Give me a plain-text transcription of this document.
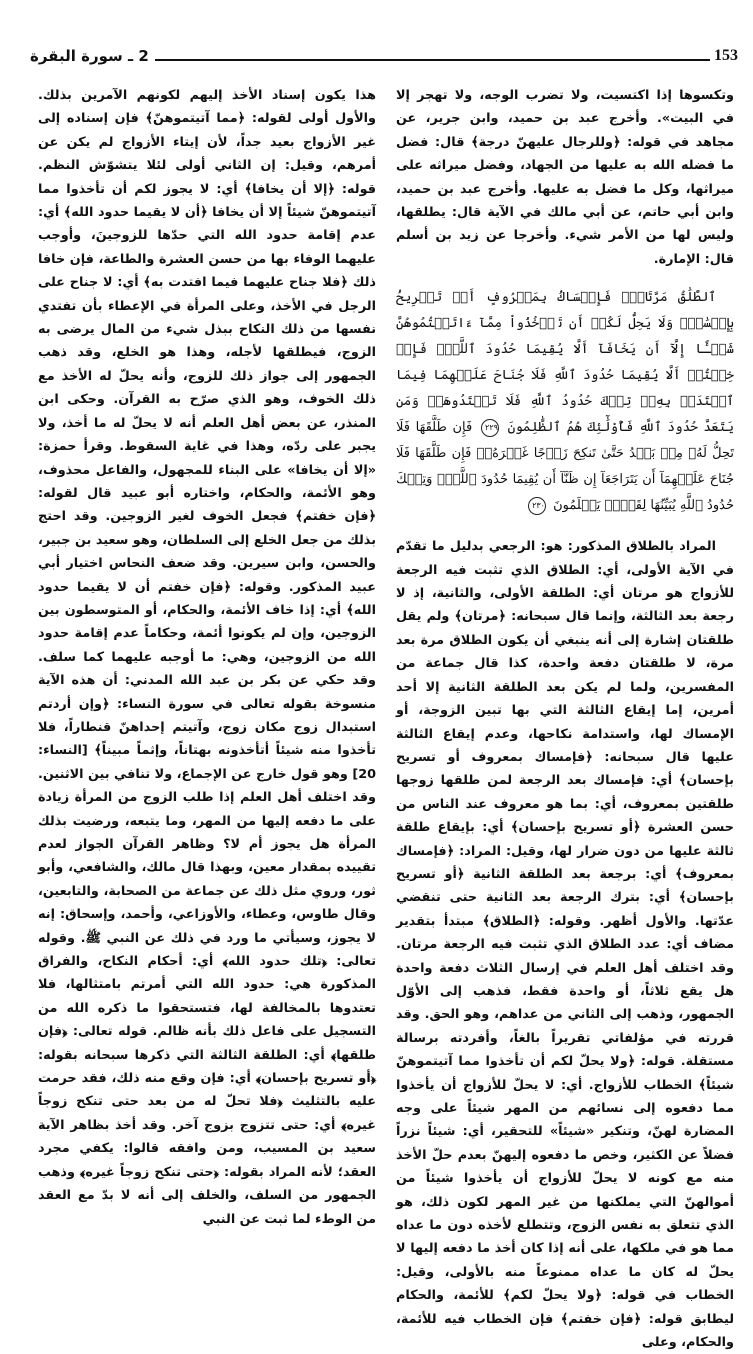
153
2 ـ سورة البقرة

وتكسوها إذا اكتسيت، ولا تضرب الوجه، ولا تهجر إلا في البيت». وأخرج عبد بن حميد، وابن جرير، عن مجاهد في قوله: ﴿وللرجال عليهنّ درجة﴾ قال: فضل ما فضله الله به عليها من الجهاد، وفضل ميراثه على ميراثها، وكل ما فضل به عليها. وأخرج عبد بن حميد، وابن أبي حاتم، عن أبي مالك في الآية قال: يطلقها، وليس لها من الأمر شيء. وأخرجا عن زيد بن أسلم قال: الإمارة.

ٱلطَّلَٰقُ مَرَّتَانِۖ فَإِمۡسَاكُۢ بِمَعۡرُوفٍ أَوۡ تَسۡرِيحُۢ بِإِحۡسَٰنٖۗ وَلَا يَحِلُّ لَكُمۡ أَن تَأۡخُذُواْ مِمَّآ ءَاتَيۡتُمُوهُنَّ شَيۡـًٔا إِلَّآ أَن يَخَافَآ أَلَّا يُقِيمَا حُدُودَ ٱللَّهِۖ فَإِنۡ خِفۡتُمۡ أَلَّا يُقِيمَا حُدُودَ ٱللَّهِ فَلَا جُنَاحَ عَلَيۡهِمَا فِيمَا ٱفۡتَدَتۡ بِهِۦۗ تِلۡكَ حُدُودُ ٱللَّهِ فَلَا تَعۡتَدُوهَاۚ وَمَن يَتَعَدَّ حُدُودَ ٱللَّهِ فَأُوْلَٰٓئِكَ هُمُ ٱلظَّٰلِمُونَ ٢٢٩ فَإِن طَلَّقَهَا فَلَا تَحِلُّ لَهُۥ مِنۢ بَعۡدُ حَتَّىٰ تَنكِحَ زَوۡجًا غَيۡرَهُۥۗ فَإِن طَلَّقَهَا فَلَا جُنَاحَ عَلَيۡهِمَآ أَن يَتَرَاجَعَآ إِن ظَنَّآ أَن يُقِيمَا حُدُودَ ٱللَّهِۗ وَتِلۡكَ حُدُودُ ٱللَّهِ يُبَيِّنُهَا لِقَوۡمٖ يَعۡلَمُونَ ٢٣٠

المراد بالطلاق المذكور: هو: الرجعي بدليل ما تقدّم في الآية الأولى، أي: الطلاق الذي تثبت فيه الرجعة للأزواج هو مرتان أي: الطلقة الأولى، والثانية، إذ لا رجعة بعد الثالثة، وإنما قال سبحانه: ﴿مرتان﴾ ولم يقل طلقتان إشارة إلى أنه ينبغي أن يكون الطلاق مرة بعد مرة، لا طلقتان دفعة واحدة، كذا قال جماعة من المفسرين، ولما لم يكن بعد الطلقة الثانية إلا أحد أمرين، إما إيقاع الثالثة التي بها تبين الزوجة، أو الإمساك لها، واستدامة نكاحها، وعدم إيقاع الثالثة عليها قال سبحانه: ﴿فإمساك بمعروف أو تسريح بإحسان﴾ أي: فإمساك بعد الرجعة لمن طلقها زوجها طلقتين بمعروف، أي: بما هو معروف عند الناس من حسن العشرة ﴿أو تسريح بإحسان﴾ أي: بإيقاع طلقة ثالثة عليها من دون ضرار لها، وقيل: المراد: ﴿فإمساك بمعروف﴾ أي: برجعة بعد الطلقة الثانية ﴿أو تسريح بإحسان﴾ أي: بترك الرجعة بعد الثانية حتى تنقضي عدّتها. والأول أظهر. وقوله: ﴿الطلاق﴾ مبتدأ بتقدير مضاف أي: عدد الطلاق الذي تثبت فيه الرجعة مرتان. وقد اختلف أهل العلم في إرسال الثلاث دفعة واحدة هل يقع ثلاثاً، أو واحدة فقط، فذهب إلى الأوّل الجمهور، وذهب إلى الثاني من عداهم، وهو الحق. وقد قررته في مؤلفاتي تقريراً بالغاً، وأفردته برسالة مستقلة. قوله: ﴿ولا يحلّ لكم أن تأخذوا مما آتيتموهنّ شيئاً﴾ الخطاب للأزواج. أي: لا يحلّ للأزواج أن يأخذوا مما دفعوه إلى نسائهم من المهر شيئاً على وجه المضارة لهنّ، وتنكير «شيئاً» للتحقير، أي: شيئاً نزراً فضلاً عن الكثير، وخص ما دفعوه إليهنّ بعدم حلّ الأخذ منه مع كونه لا يحلّ للأزواج أن يأخذوا شيئاً من أموالهنّ التي يملكنها من غير المهر لكون ذلك، هو الذي تتعلق به نفس الزوج، وتتطلع لأخذه دون ما عداه مما هو في ملكها، على أنه إذا كان أخذ ما دفعه إليها لا يحلّ له كان ما عداه ممنوعاً منه بالأولى، وقيل: الخطاب في قوله: ﴿ولا يحلّ لكم﴾ للأئمة، والحكام ليطابق قوله: ﴿فإن خفتم﴾ فإن الخطاب فيه للأئمة، والحكام، وعلى

هذا يكون إسناد الأخذ إليهم لكونهم الآمرين بذلك. والأول أولى لقوله: ﴿مما آتيتموهنّ﴾ فإن إسناده إلى غير الأزواج بعيد جداً، لأن إيتاء الأزواج لم يكن عن أمرهم، وقيل: إن الثاني أولى لئلا يتشوّش النظم. قوله: ﴿إلا أن يخافا﴾ أي: لا يجوز لكم أن تأخذوا مما آتيتموهنّ شيئاً إلا أن يخافا ﴿أن لا يقيما حدود الله﴾ أي: عدم إقامة حدود الله التي حدّها للزوجينَ، وأوجب عليهما الوفاء بها من حسن العشرة والطاعة، فإن خافا ذلك ﴿فلا جناح عليهما فيما افتدت به﴾ أي: لا جناح على الرجل في الأخذ، وعلى المرأة في الإعطاء بأن تفتدي نفسها من ذلك النكاح ببذل شيء من المال يرضى به الزوج، فيطلقها لأجله، وهذا هو الخلع، وقد ذهب الجمهور إلى جواز ذلك للزوج، وأنه يحلّ له الأخذ مع ذلك الخوف، وهو الذي صرّح به القرآن. وحكى ابن المنذر، عن بعض أهل العلم أنه لا يحلّ له ما أخذ، ولا يجبر على ردّه، وهذا في غاية السقوط. وقرأ حمزة: «إلا أن يخافا» على البناء للمجهول، والفاعل محذوف، وهو الأئمة، والحكام، واختاره أبو عبيد قال لقوله: ﴿فإن خفتم﴾ فجعل الخوف لغير الزوجين. وقد احتج بذلك من جعل الخلع إلى السلطان، وهو سعيد بن جبير، والحسن، وابن سيرين. وقد ضعف النحاس اختيار أبي عبيد المذكور. وقوله: ﴿فإن خفتم أن لا يقيما حدود الله﴾ أي: إذا خاف الأئمة، والحكام، أو المتوسطون بين الزوجين، وإن لم يكونوا أئمة، وحكاماً عدم إقامة حدود الله من الزوجين، وهي: ما أوجبه عليهما كما سلف. وقد حكي عن بكر بن عبد الله المدني: أن هذه الآية منسوخة بقوله تعالى في سورة النساء: ﴿وإن أردتم استبدال زوج مكان زوج، وآتيتم إحداهنّ قنطاراً، فلا تأخذوا منه شيئاً أتأخذونه بهتاناً، وإثماً مبيناً﴾ [النساء: 20] وهو قول خارج عن الإجماع، ولا تنافي بين الاثنين. وقد اختلف أهل العلم إذا طلب الزوج من المرأة زيادة على ما دفعه إليها من المهر، وما يتبعه، ورضيت بذلك المرأة هل يجوز أم لا؟ وظاهر القرآن الجواز لعدم تقييده بمقدار معين، وبهذا قال مالك، والشافعي، وأبو ثور، وروي مثل ذلك عن جماعة من الصحابة، والتابعين، وقال طاوس، وعطاء، والأوزاعي، وأحمد، وإسحاق: إنه لا يجوز، وسيأتي ما ورد في ذلك عن النبي ﷺ. وقوله تعالى: ﴿تلك حدود الله﴾ أي: أحكام النكاح، والفراق المذكورة هي: حدود الله التي أمرتم بامتثالها، فلا تعتدوها بالمخالفة لها، فتستحقوا ما ذكره الله من التسجيل على فاعل ذلك بأنه ظالم. قوله تعالى: ﴿فإن طلقها﴾ أي: الطلقة الثالثة التي ذكرها سبحانه بقوله: ﴿أو تسريح بإحسان﴾ أي: فإن وقع منه ذلك، فقد حرمت عليه بالتثليث ﴿فلا تحلّ له من بعد حتى تنكح زوجاً غيره﴾ أي: حتى تتزوج بزوج آخر. وقد أخذ بظاهر الآية سعيد بن المسيب، ومن وافقه قالوا: يكفي مجرد العقد؛ لأنه المراد بقوله: ﴿حتى تنكح زوجاً غيره﴾ وذهب الجمهور من السلف، والخلف إلى أنه لا بدّ مع العقد من الوطء لما ثبت عن النبي
